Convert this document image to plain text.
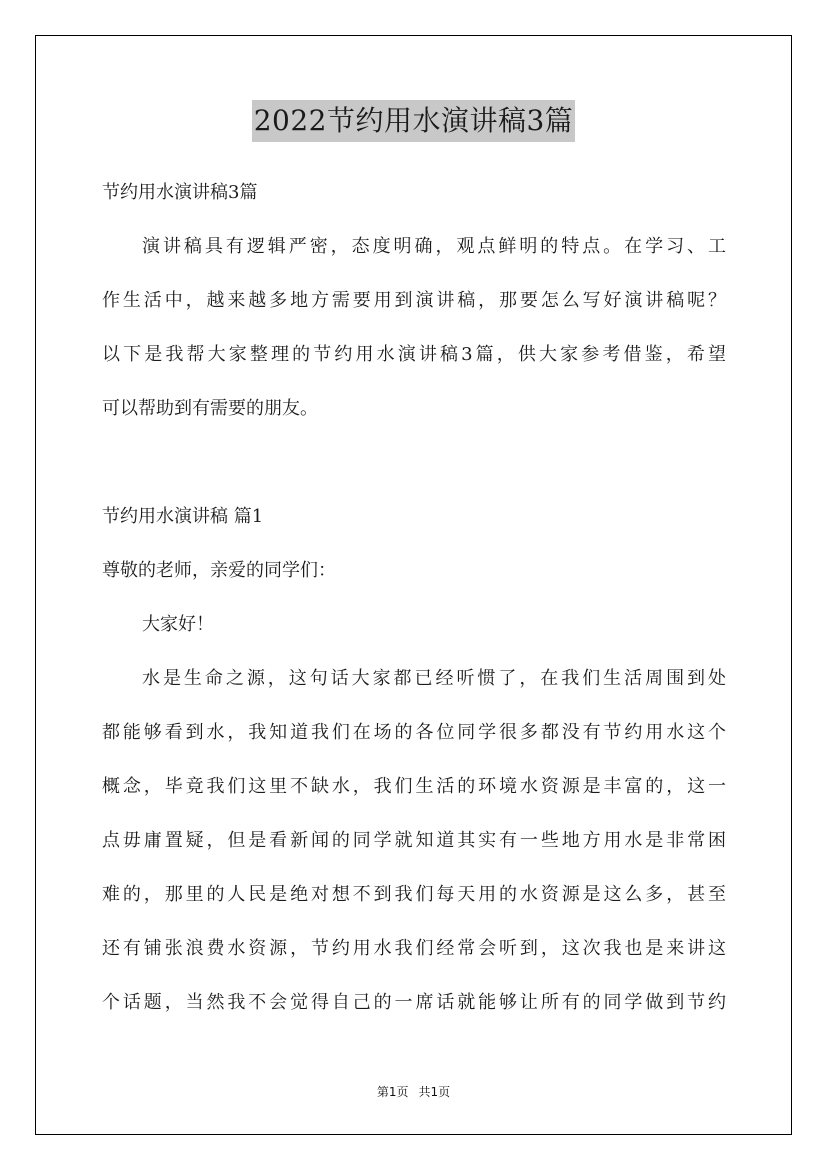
2022节约用水演讲稿3篇
节约用水演讲稿3篇
演讲稿具有逻辑严密，态度明确，观点鲜明的特点。在学习、工
作生活中，越来越多地方需要用到演讲稿，那要怎么写好演讲稿呢？
以下是我帮大家整理的节约用水演讲稿3篇，供大家参考借鉴，希望
可以帮助到有需要的朋友。
节约用水演讲稿 篇1
尊敬的老师，亲爱的同学们：
大家好！
水是生命之源，这句话大家都已经听惯了，在我们生活周围到处
都能够看到水，我知道我们在场的各位同学很多都没有节约用水这个
概念，毕竟我们这里不缺水，我们生活的环境水资源是丰富的，这一
点毋庸置疑，但是看新闻的同学就知道其实有一些地方用水是非常困
难的，那里的人民是绝对想不到我们每天用的水资源是这么多，甚至
还有铺张浪费水资源，节约用水我们经常会听到，这次我也是来讲这
个话题，当然我不会觉得自己的一席话就能够让所有的同学做到节约
第1页 共1页
